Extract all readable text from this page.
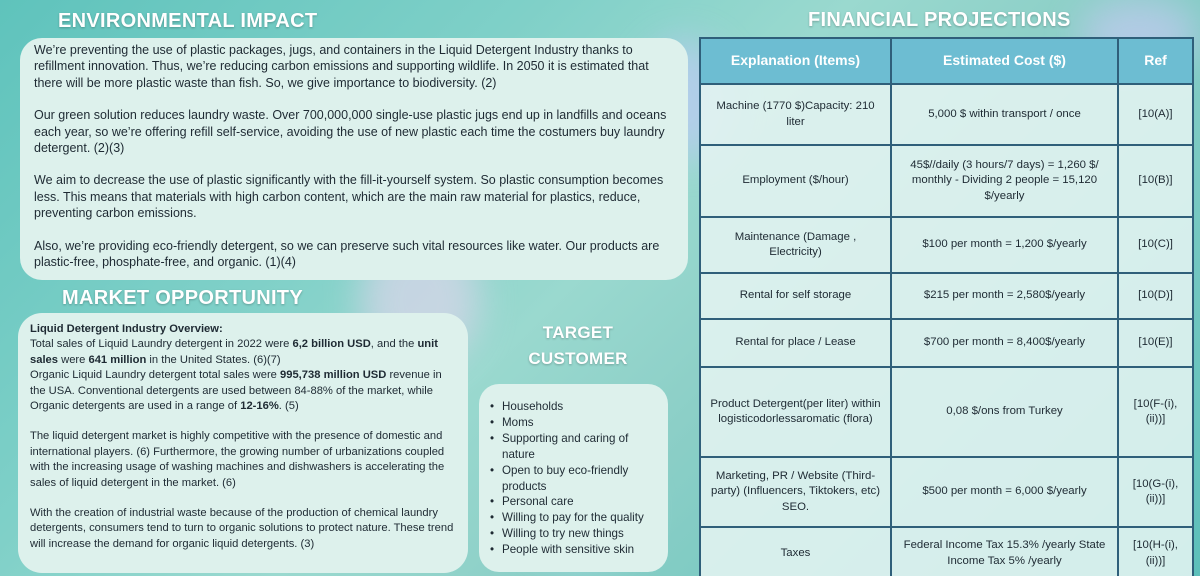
ENVIRONMENTAL IMPACT

We’re preventing the use of plastic packages, jugs, and containers in the Liquid Detergent Industry thanks to refillment innovation. Thus, we’re reducing carbon emissions and supporting wildlife. In 2050 it is estimated that there will be more plastic waste than fish. So, we give importance to biodiversity. (2)

Our green solution reduces laundry waste. Over 700,000,000 single-use plastic jugs end up in landfills and oceans each year, so we’re offering refill self-service, avoiding the use of new plastic each time the costumers buy laundry detergent. (2)(3)

We aim to decrease the use of plastic significantly with the fill-it-yourself system. So plastic consumption becomes less. This means that materials with high carbon content, which are the main raw material for plastics, reduce, preventing carbon emissions.

Also, we’re providing eco-friendly detergent, so we can preserve such vital resources like water. Our products are plastic-free, phosphate-free, and organic. (1)(4)

MARKET OPPORTUNITY
Liquid Detergent Industry Overview:
Total sales of Liquid Laundry detergent in 2022 were 6,2 billion USD, and the unit sales were 641 million in the United States. (6)(7)
Organic Liquid Laundry detergent total sales were 995,738 million USD revenue in the USA. Conventional detergents are used between 84-88% of the market, while Organic detergents are used in a range of 12-16%. (5)
The liquid detergent market is highly competitive with the presence of domestic and international players. (6) Furthermore, the growing number of urbanizations coupled with the increasing usage of washing machines and dishwashers is accelerating the sales of liquid detergent in the market. (6)
With the creation of industrial waste because of the production of chemical laundry detergents, consumers tend to turn to organic solutions to protect nature. These trend will increase the demand for organic liquid detergents. (3)
TARGET
CUSTOMER
• Households
• Moms
• Supporting and caring of nature
• Open to buy eco-friendly products
• Personal care
• Willing to pay for the quality
• Willing to try new things
• People with sensitive skin
FINANCIAL PROJECTIONS
Explanation (Items)	Estimated Cost ($)	Ref
Machine (1770 $)Capacity: 210 liter	5,000 $ within transport / once	[10(A)]
Employment ($/hour)	45$//daily (3 hours/7 days) = 1,260 $/ monthly - Dividing 2 people = 15,120 $/yearly	[10(B)]
Maintenance (Damage , Electricity)	$100 per month = 1,200 $/yearly	[10(C)]
Rental for self storage	$215 per month = 2,580$/yearly	[10(D)]
Rental for place / Lease	$700 per month = 8,400$/yearly	[10(E)]
Product Detergent(per liter) within logisticodorlessaromatic (flora)	0,08 $/ons from Turkey	[10(F-(i), (ii))]
Marketing, PR / Website (Third-party) (Influencers, Tiktokers, etc) SEO.	$500 per month = 6,000 $/yearly	[10(G-(i), (ii))]
Taxes	Federal Income Tax 15.3% /yearly State Income Tax 5% /yearly	[10(H-(i), (ii))]
